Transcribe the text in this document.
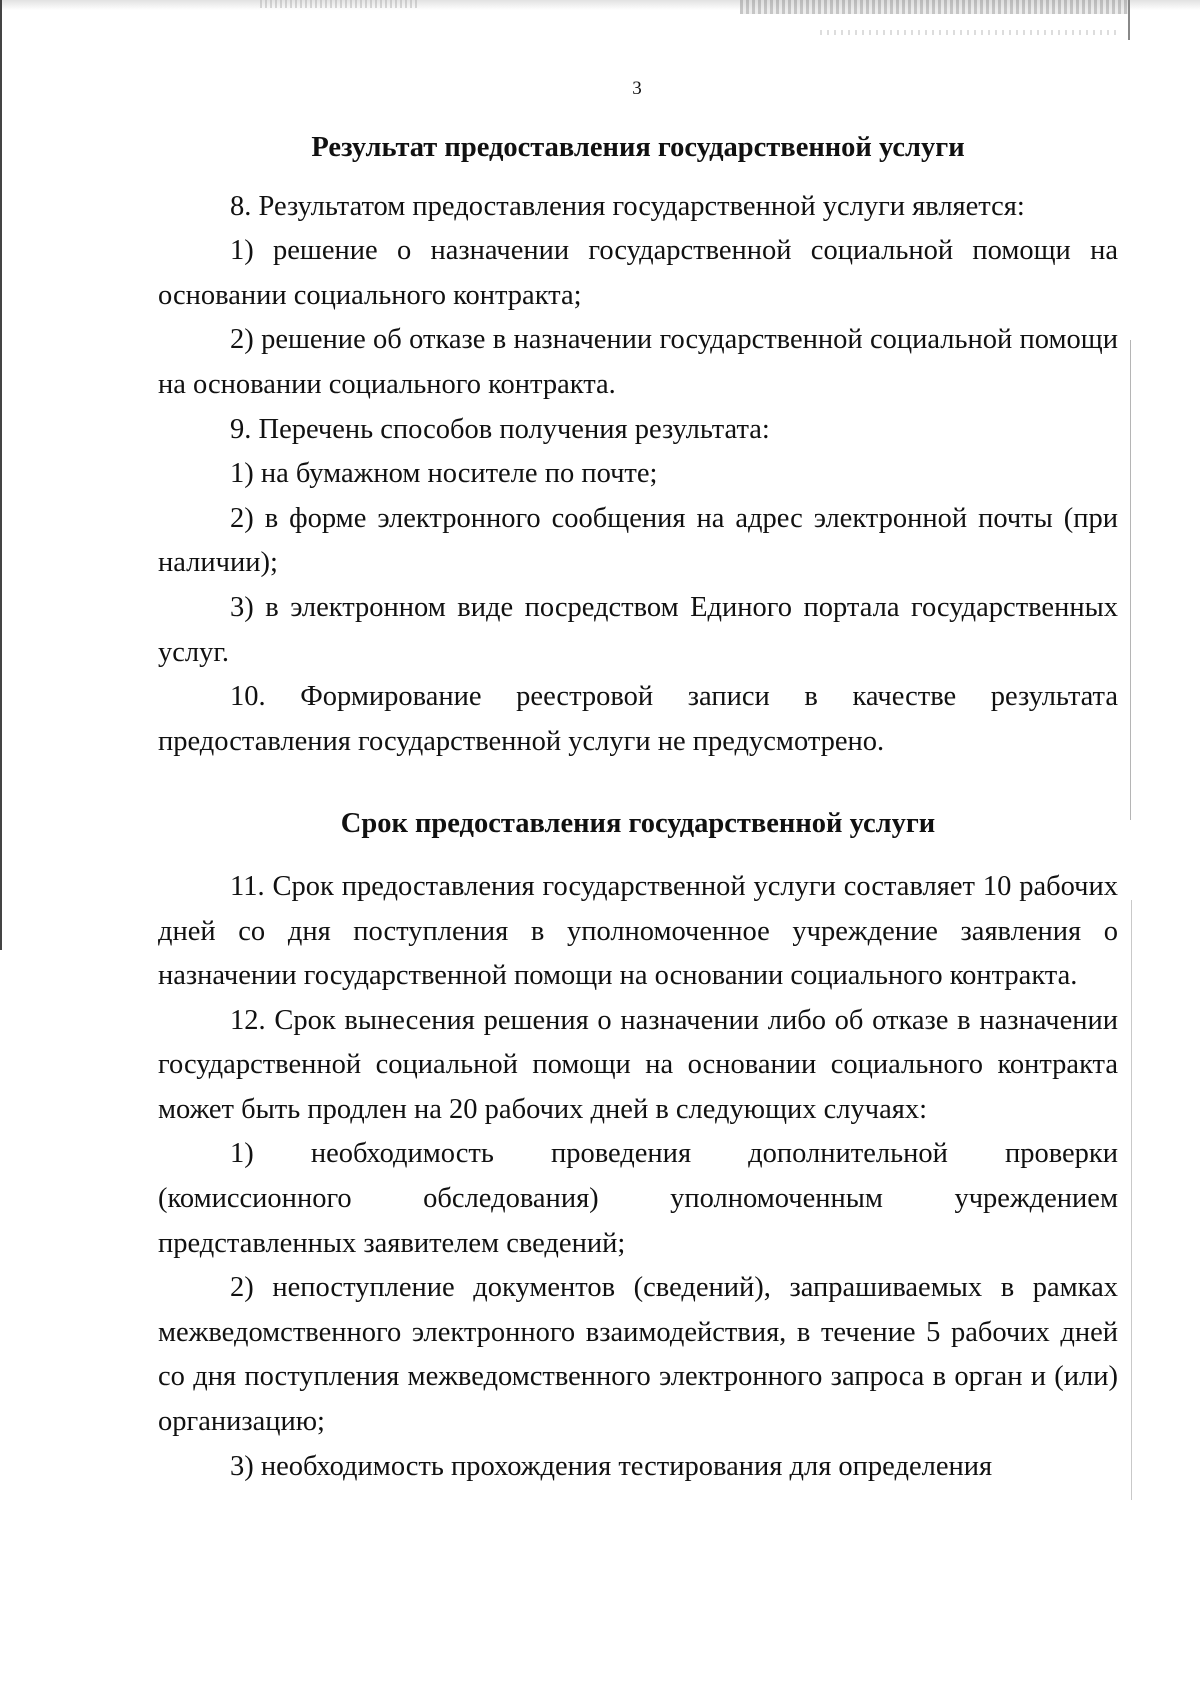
3
Результат предоставления государственной услуги

8. Результатом предоставления государственной услуги является:

1) решение о назначении государственной социальной помощи на основании социального контракта;

2) решение об отказе в назначении государственной социальной помощи на основании социального контракта.

9. Перечень способов получения результата:

1) на бумажном носителе по почте;

2) в форме электронного сообщения на адрес электронной почты (при наличии);

3) в электронном виде посредством Единого портала государственных услуг.

10. Формирование реестровой записи в качестве результата предоставления государственной услуги не предусмотрено.

Срок предоставления государственной услуги

11. Срок предоставления государственной услуги составляет 10 рабочих дней со дня поступления в уполномоченное учреждение заявления о назначении государственной помощи на основании социального контракта.

12. Срок вынесения решения о назначении либо об отказе в назначении государственной социальной помощи на основании социального контракта может быть продлен на 20 рабочих дней в следующих случаях:

1) необходимость проведения дополнительной проверки (комиссионного обследования) уполномоченным учреждением представленных заявителем сведений;

2) непоступление документов (сведений), запрашиваемых в рамках межведомственного электронного взаимодействия, в течение 5 рабочих дней со дня поступления межведомственного электронного запроса в орган и (или) организацию;

3) необходимость прохождения тестирования для определения
